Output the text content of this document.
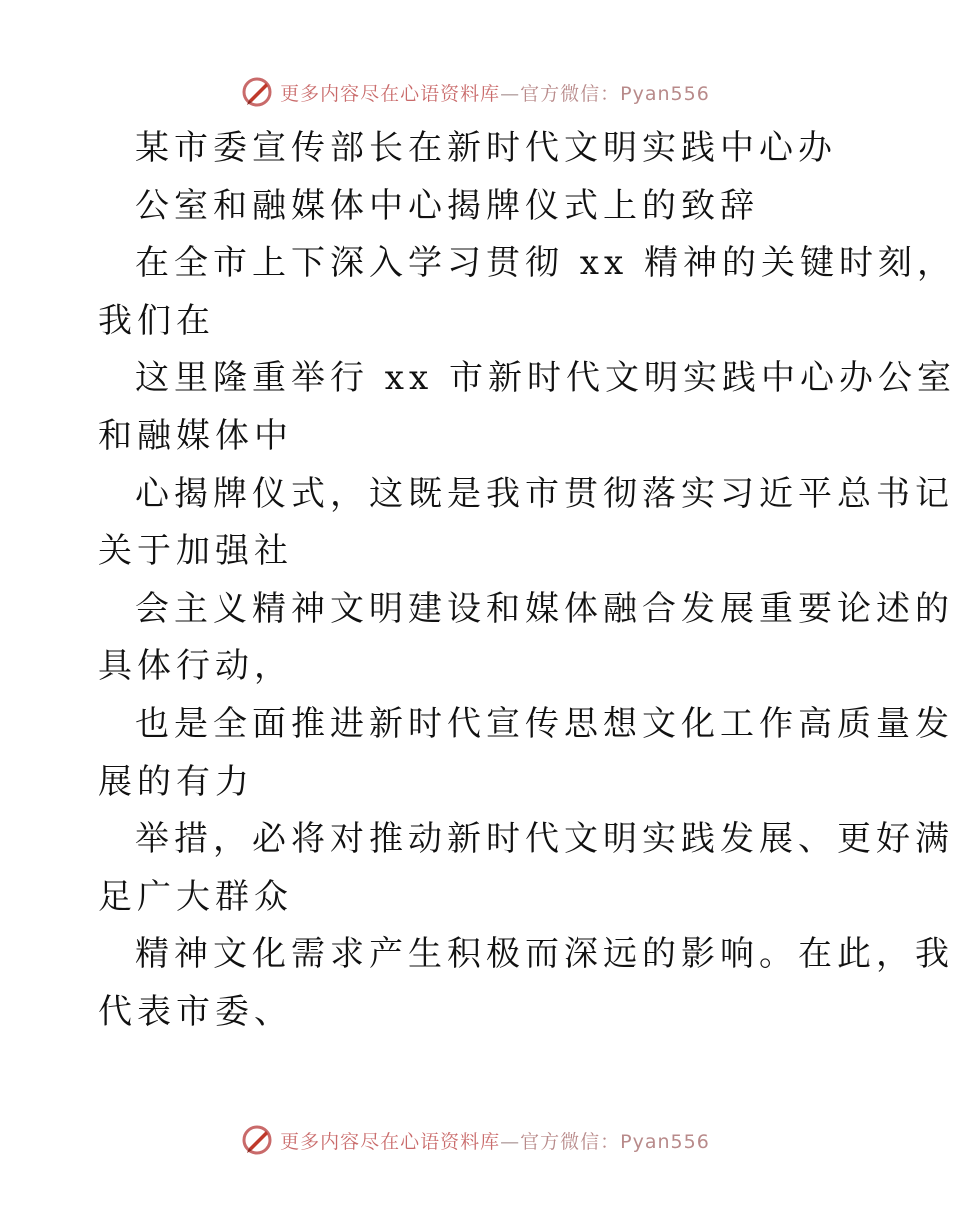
更多内容尽在心语资料库—官方微信：Pyan556
某市委宣传部长在新时代文明实践中心办
公室和融媒体中心揭牌仪式上的致辞
在全市上下深入学习贯彻 xx 精神的关键时刻，
我们在
这里隆重举行 xx 市新时代文明实践中心办公室
和融媒体中
心揭牌仪式，这既是我市贯彻落实习近平总书记
关于加强社
会主义精神文明建设和媒体融合发展重要论述的
具体行动，
也是全面推进新时代宣传思想文化工作高质量发
展的有力
举措，必将对推动新时代文明实践发展、更好满
足广大群众
精神文化需求产生积极而深远的影响。在此，我
代表市委、
更多内容尽在心语资料库—官方微信：Pyan556
